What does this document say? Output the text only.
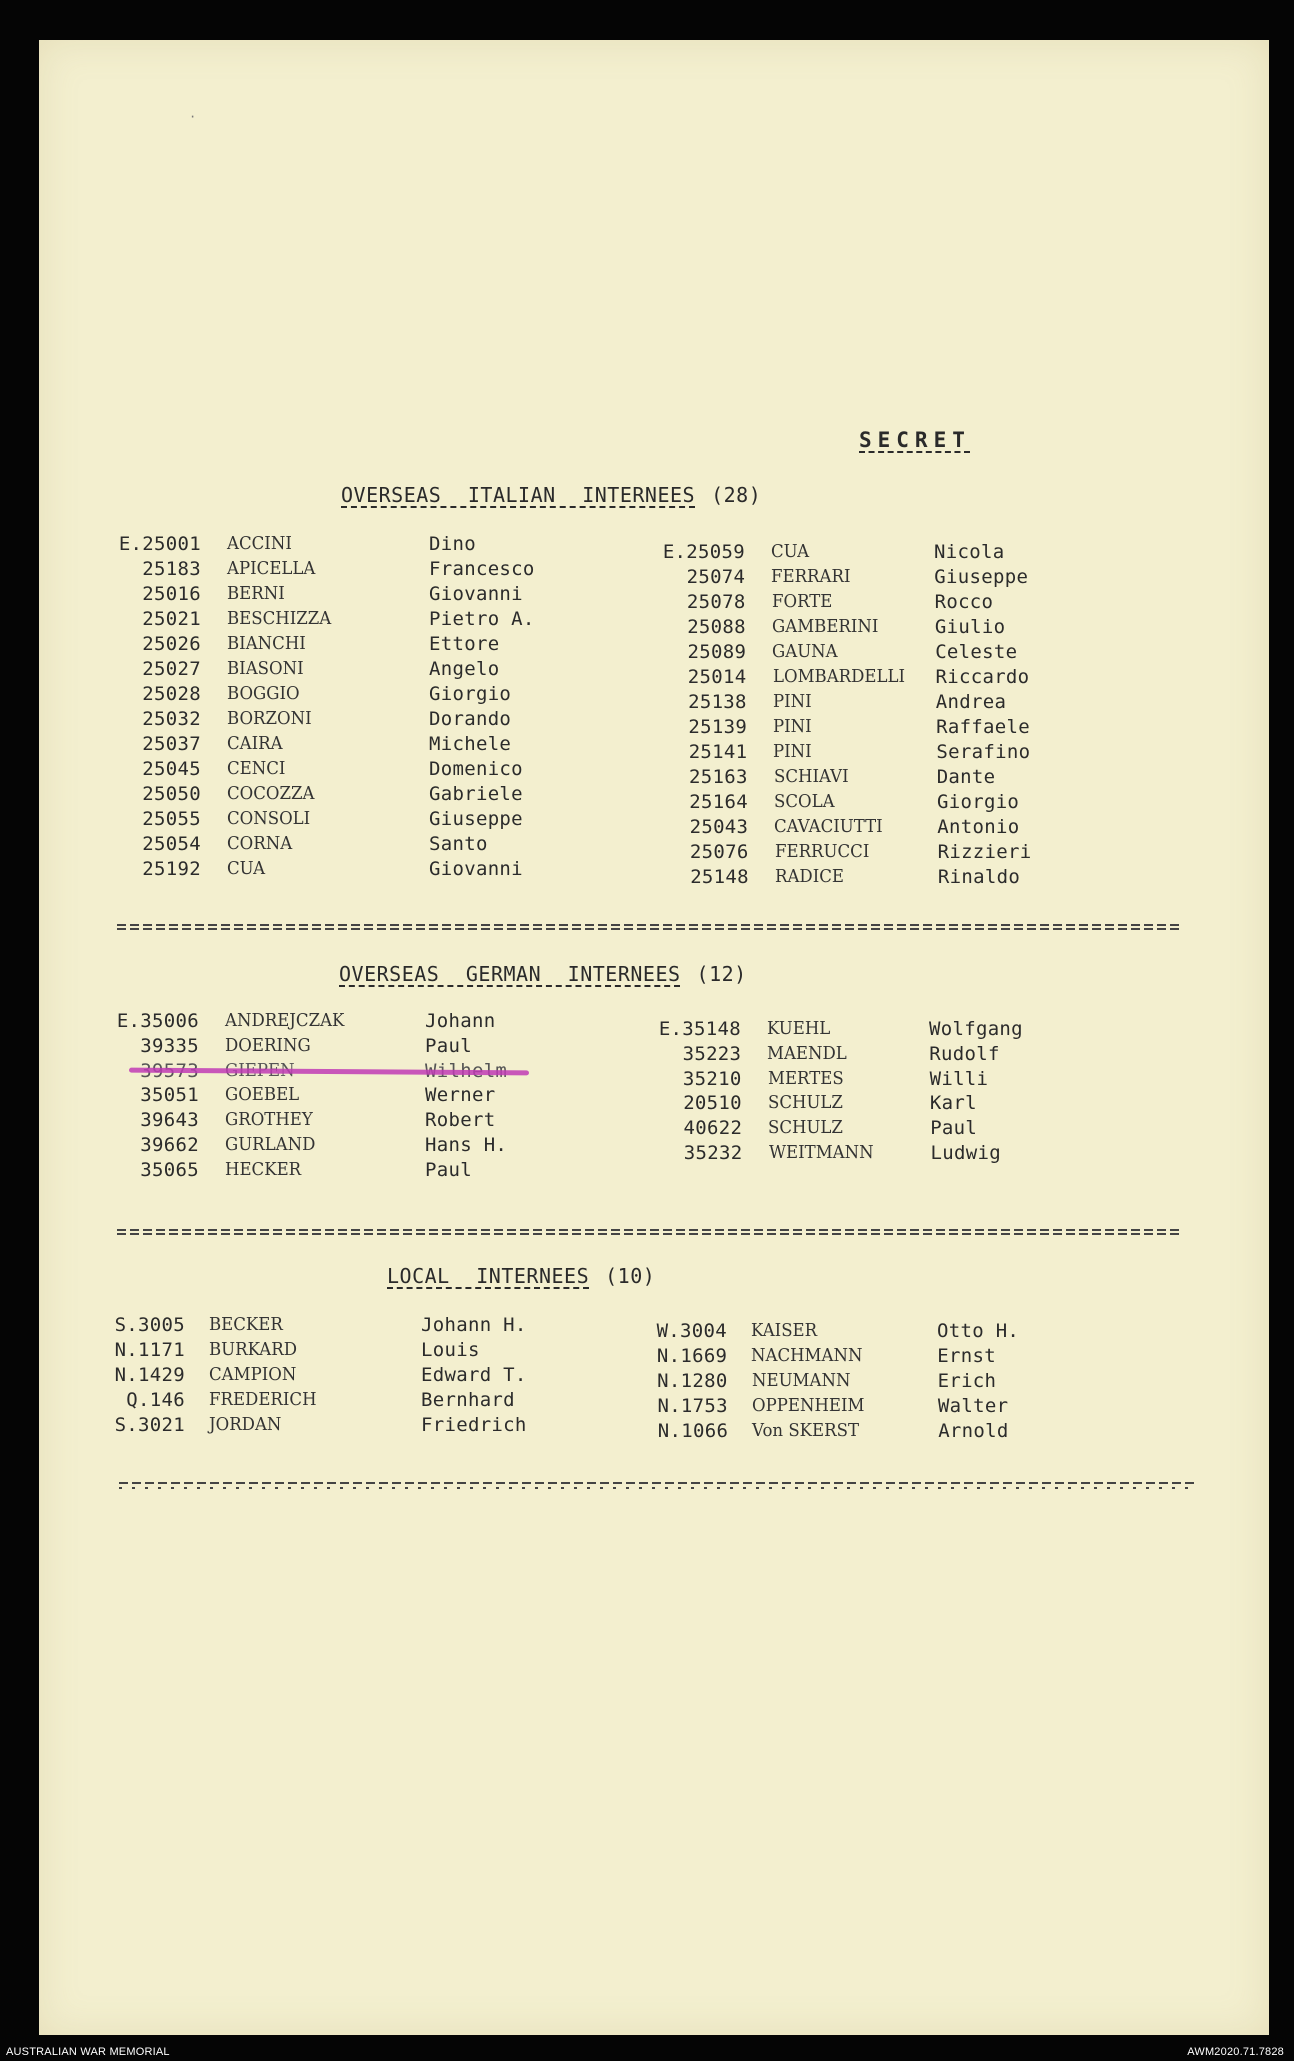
·
SECRET
OVERSEAS ITALIAN INTERNEES (28)
E.25001 ACCINI	Dino
25183 APICELLA	Francesco
25016 BERNI	Giovanni
25021 BESCHIZZA	Pietro A.
25026 BIANCHI	Ettore
25027 BIASONI	Angelo
25028 BOGGIO	Giorgio
25032 BORZONI	Dorando
25037 CAIRA	Michele
25045 CENCI	Domenico
25050 COCOZZA	Gabriele
25055 CONSOLI	Giuseppe
25054 CORNA	Santo
25192 CUA	Giovanni
E.25059 CUA	Nicola
25074 FERRARI	Giuseppe
25078 FORTE	Rocco
25088 GAMBERINI	Giulio
25089 GAUNA	Celeste
25014 LOMBARDELLI Riccardo
25138 PINI	Andrea
25139 PINI	Raffaele
25141 PINI	Serafino
25163 SCHIAVI	Dante
25164 SCOLA	Giorgio
25043 CAVACIUTTI	Antonio
25076 FERRUCCI	Rizzieri
25148 RADICE	Rinaldo
OVERSEAS GERMAN INTERNEES (12)
E.35006 ANDREJCZAK	Johann
39335 DOERING	Paul
35051 GOEBEL	Werner
39643 GROTHEY	Robert
39662 GURLAND	Hans H.
35065 HECKER	Paul
E.35148 KUEHL	Wolfgang
35223 MAENDL	Rudolf
35210 MERTES	Willi
20510 SCHULZ	Karl
40622 SCHULZ	Paul
35232 WEITMANN	Ludwig
LOCAL INTERNEES (10)
S.3005 BECKER	Johann H.
N.1171 BURKARD	Louis
N.1429 CAMPION	Edward T.
Q.146 FREDERICH	Bernhard
S.3021 JORDAN	Friedrich
W.3004 KAISER	Otto H.
N.1669 NACHMANN	Ernst
N.1280 NEUMANN	Erich
N.1753 OPPENHEIM	Walter
N.1066 Von SKERST	Arnold
AUSTRALIAN WAR MEMORIAL	AWM2020.71.7828
